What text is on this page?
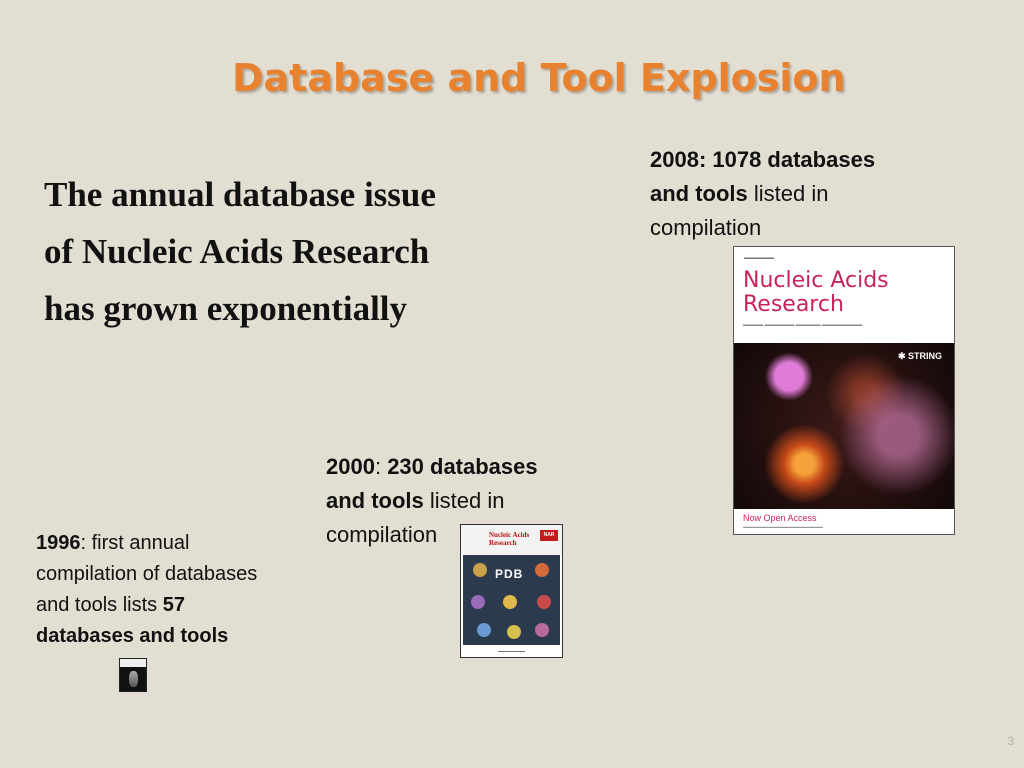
Database and Tool Explosion
The annual database issue of Nucleic Acids Research has grown exponentially
2008: 1078 databases and tools listed in compilation
▬▬▬▬▬▬
Nucleic Acids
Research
▬▬▬▬ ▬▬▬▬▬▬ ▬▬▬▬▬ ▬▬▬▬▬▬▬▬
✱ STRING
Now Open Access
▬▬▬▬▬▬▬▬▬▬▬▬▬▬▬▬▬▬▬▬
2000: 230 databases and tools listed in compilation	Nucleic Acids
Research
NAR
PDB
▬▬▬▬▬▬▬▬▬
1996: first annual compilation of databases and tools lists 57 databases and tools
3
